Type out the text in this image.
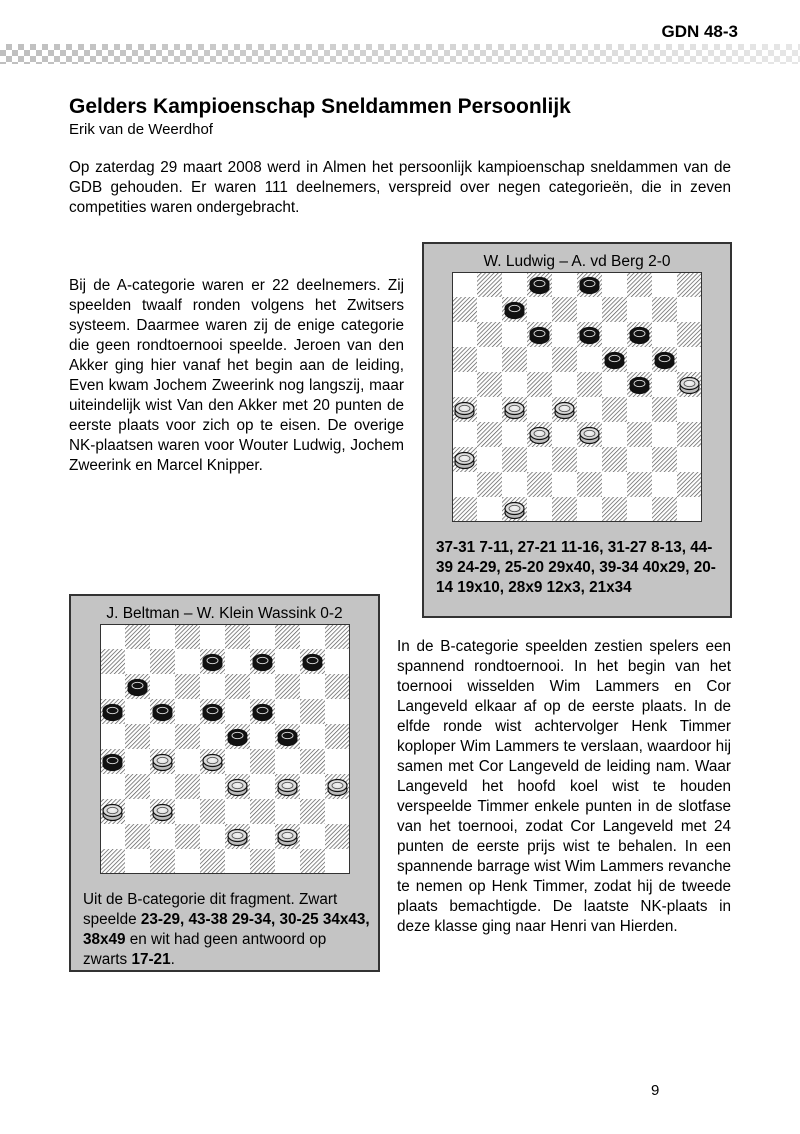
GDN 48-3
Gelders Kampioenschap Sneldammen Persoonlijk
Erik van de Weerdhof

Op zaterdag 29 maart 2008 werd in Almen het persoonlijk kampioenschap sneldammen van de GDB gehouden. Er waren 111 deelnemers, verspreid over negen categorieën, die in zeven competities waren ondergebracht.

Bij de A-categorie waren er 22 deelnemers. Zij speelden twaalf ronden volgens het Zwitsers systeem. Daarmee waren zij de enige categorie die geen rondtoernooi speelde. Jeroen van den Akker ging hier vanaf het begin aan de leiding, Even kwam Jochem Zweerink nog langszij, maar uiteindelijk wist Van den Akker met 20 punten de eerste plaats voor zich op te eisen. De overige NK-plaatsen waren voor Wouter Ludwig, Jochem Zweerink en Marcel Knipper.

W. Ludwig – A. vd Berg 2-0

37-31 7-11, 27-21 11-16, 31-27 8-13, 44-39 24-29, 25-20 29x40, 39-34 40x29, 20-14 19x10, 28x9 12x3, 21x34

J. Beltman – W. Klein Wassink 0-2

Uit de B-categorie dit fragment. Zwart speelde 23-29, 43-38 29-34, 30-25 34x43, 38x49 en wit had geen antwoord op zwarts 17-21.

In de B-categorie speelden zestien spelers een spannend rondtoernooi. In het begin van het toernooi wisselden Wim Lammers en Cor Langeveld elkaar af op de eerste plaats. In de elfde ronde wist achtervolger Henk Timmer koploper Wim Lammers te verslaan, waardoor hij samen met Cor Langeveld de leiding nam. Waar Langeveld het hoofd koel wist te houden verspeelde Timmer enkele punten in de slotfase van het toernooi, zodat Cor Langeveld met 24 punten de eerste prijs wist te behalen. In een spannende barrage wist Wim Lammers revanche te nemen op Henk Timmer, zodat hij de tweede plaats bemachtigde. De laatste NK-plaats in deze klasse ging naar Henri van Hierden.

9
